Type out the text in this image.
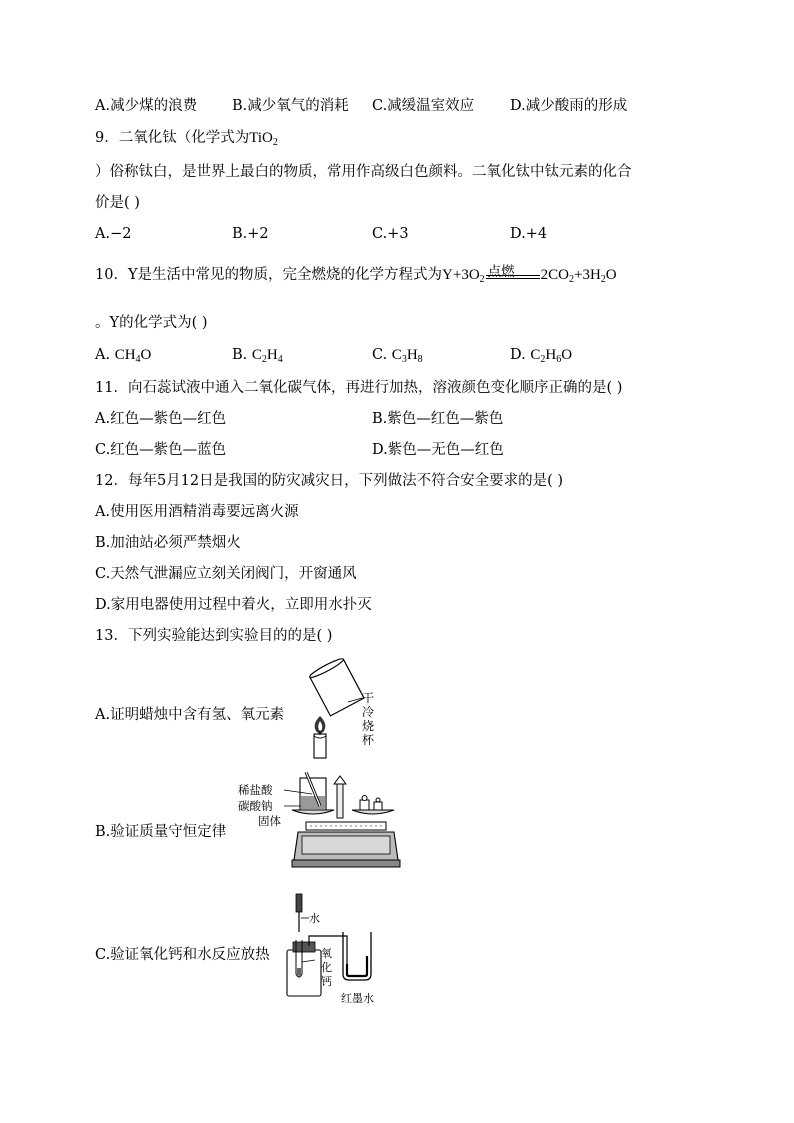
A.减少煤的浪费 B.减少氧气的消耗 C.减缓温室效应 D.减少酸雨的形成
9．二氧化钛（化学式为TiO$_2$
）俗称钛白，是世界上最白的物质，常用作高级白色颜料。二氧化钛中钛元素的化合
价是( )
A.−2	B.+2	C.+3	D.+4
10．Y是生活中常见的物质，完全燃烧的化学方程式为$Y+3O_2$
点燃 $2CO_2+3H_2O$
。Y的化学式为( )
A. $CH_4O$	B. $C_2H_4$	C. $C_3H_8$	D. $C_2H_6O$
11．向石蕊试液中通入二氧化碳气体，再进行加热，溶液颜色变化顺序正确的是( )
A.红色—紫色—红色	B.紫色—红色—紫色
C.红色—紫色—蓝色	D.紫色—无色—红色
12．每年5月12日是我国的防灾减灾日，下列做法不符合安全要求的是( )
A.使用医用酒精消毒要远离火源
B.加油站必须严禁烟火
C.天然气泄漏应立刻关闭阀门，开窗通风
D.家用电器使用过程中着火，立即用水扑灭
13．下列实验能达到实验目的的是( )
A.证明蜡烛中含有氢、氧元素
干
冷
烧
杯
B.验证质量守恒定律
稀盐酸
碳酸钠
固体
C.验证氧化钙和水反应放热
水
氧
化
钙
红墨水
